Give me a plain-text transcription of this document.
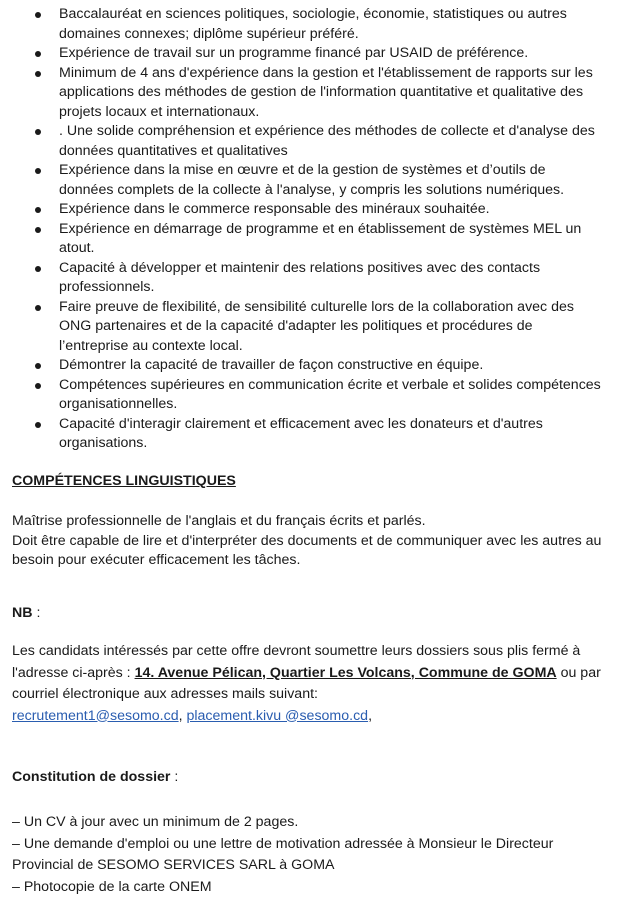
Baccalauréat en sciences politiques, sociologie, économie, statistiques ou autres domaines connexes; diplôme supérieur préféré.
Expérience de travail sur un programme financé par USAID de préférence.
Minimum de 4 ans d'expérience dans la gestion et l'établissement de rapports sur les applications des méthodes de gestion de l'information quantitative et qualitative des projets locaux et internationaux.
. Une solide compréhension et expérience des méthodes de collecte et d'analyse des données quantitatives et qualitatives
Expérience dans la mise en œuvre et de la gestion de systèmes et d’outils de données complets de la collecte à l'analyse, y compris les solutions numériques.
Expérience dans le commerce responsable des minéraux souhaitée.
Expérience en démarrage de programme et en établissement de systèmes MEL un atout.
Capacité à développer et maintenir des relations positives avec des contacts professionnels.
Faire preuve de flexibilité, de sensibilité culturelle lors de la collaboration avec des ONG partenaires et de la capacité d'adapter les politiques et procédures de l’entreprise au contexte local.
Démontrer la capacité de travailler de façon constructive en équipe.
Compétences supérieures en communication écrite et verbale et solides compétences organisationnelles.
Capacité d'interagir clairement et efficacement avec les donateurs et d'autres organisations.
COMPÉTENCES LINGUISTIQUES
Maîtrise professionnelle de l'anglais et du français écrits et parlés.
Doit être capable de lire et d'interpréter des documents et de communiquer avec les autres au besoin pour exécuter efficacement les tâches.
NB :
Les candidats intéressés par cette offre devront soumettre leurs dossiers sous plis fermé à l'adresse ci-après : 14. Avenue Pélican, Quartier Les Volcans, Commune de GOMA ou par courriel électronique aux adresses mails suivant:
recrutement1@sesomo.cd, placement.kivu @sesomo.cd,
Constitution de dossier :
– Un CV à jour avec un minimum de 2 pages.
– Une demande d'emploi ou une lettre de motivation adressée à Monsieur le Directeur Provincial de SESOMO SERVICES SARL à GOMA
– Photocopie de la carte ONEM
